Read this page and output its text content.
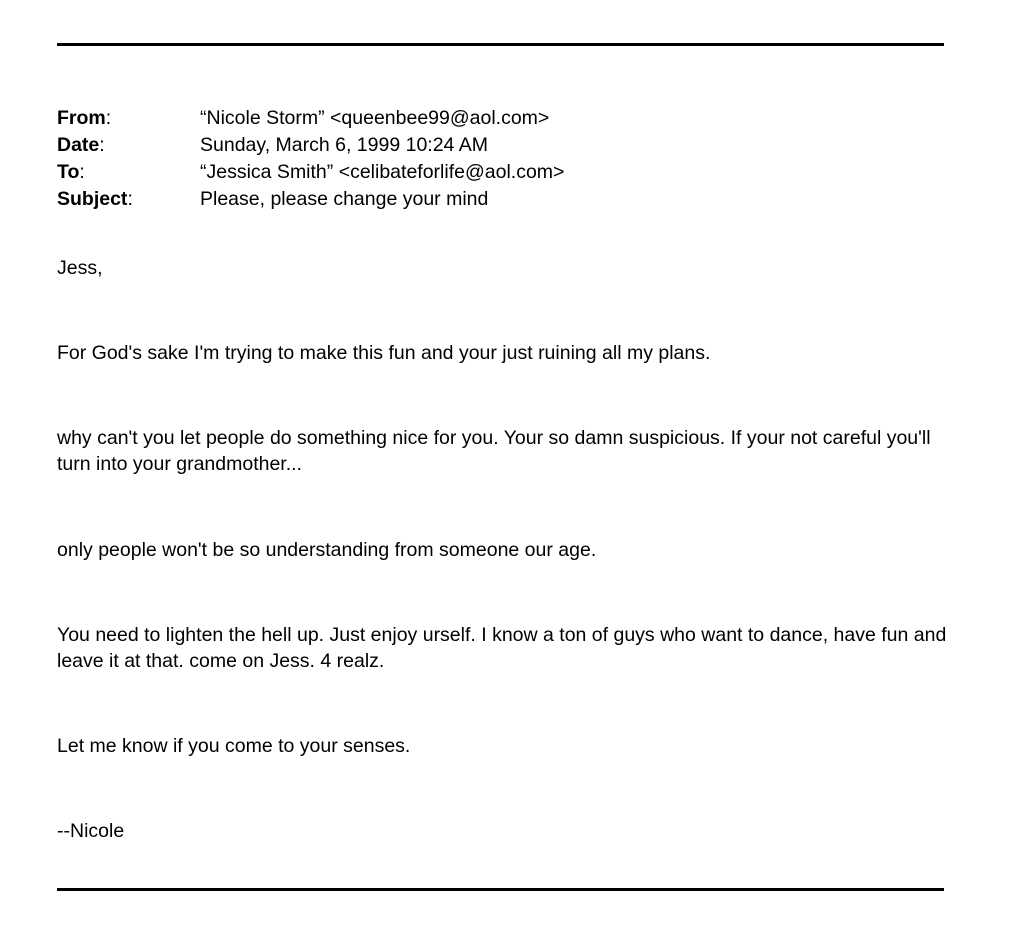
From:	“Nicole Storm” <queenbee99@aol.com>
Date:	Sunday, March 6, 1999 10:24 AM
To:	“Jessica Smith” <celibateforlife@aol.com>
Subject:	Please, please change your mind

Jess,

For God's sake I'm trying to make this fun and your just ruining all my plans.

why can't you let people do something nice for you. Your so damn suspicious. If your not careful you'll turn into your grandmother...

only people won't be so understanding from someone our age.

You need to lighten the hell up. Just enjoy urself. I know a ton of guys who want to dance, have fun and leave it at that. come on Jess. 4 realz.

Let me know if you come to your senses.

--Nicole
